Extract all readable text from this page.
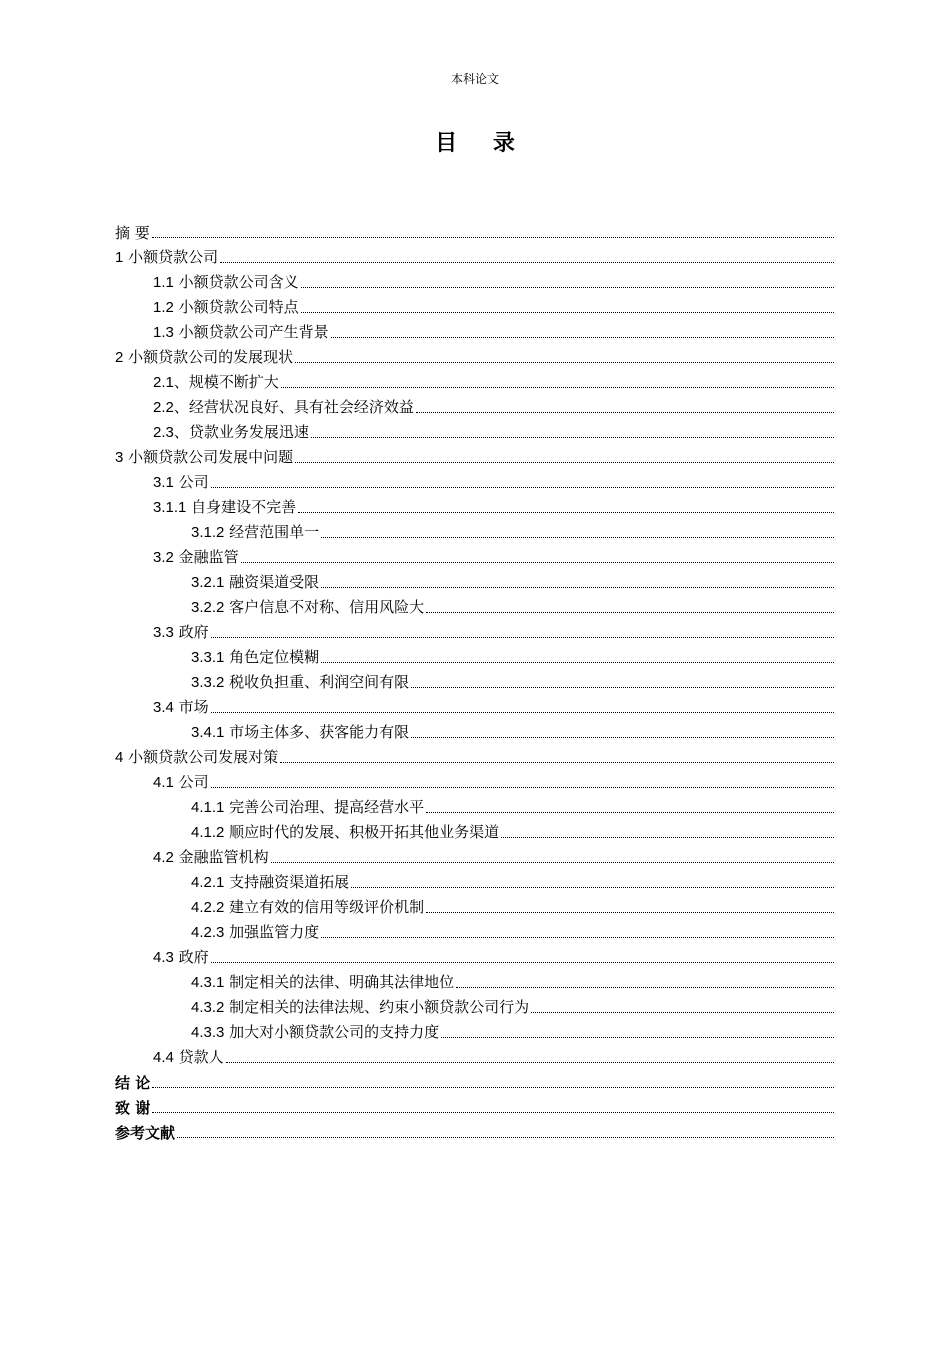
本科论文
目 录
摘 要
1 小额贷款公司
1.1 小额贷款公司含义
1.2 小额贷款公司特点
1.3 小额贷款公司产生背景
2 小额贷款公司的发展现状
2.1、规模不断扩大
2.2、经营状况良好、具有社会经济效益
2.3、贷款业务发展迅速
3 小额贷款公司发展中问题
3.1 公司
3.1.1 自身建设不完善
3.1.2 经营范围单一
3.2 金融监管
3.2.1 融资渠道受限
3.2.2 客户信息不对称、信用风险大
3.3 政府
3.3.1 角色定位模糊
3.3.2 税收负担重、利润空间有限
3.4 市场
3.4.1 市场主体多、获客能力有限
4 小额贷款公司发展对策
4.1 公司
4.1.1 完善公司治理、提高经营水平
4.1.2 顺应时代的发展、积极开拓其他业务渠道
4.2 金融监管机构
4.2.1 支持融资渠道拓展
4.2.2 建立有效的信用等级评价机制
4.2.3 加强监管力度
4.3 政府
4.3.1 制定相关的法律、明确其法律地位
4.3.2 制定相关的法律法规、约束小额贷款公司行为
4.3.3 加大对小额贷款公司的支持力度
4.4 贷款人
结 论
致 谢
参考文献
